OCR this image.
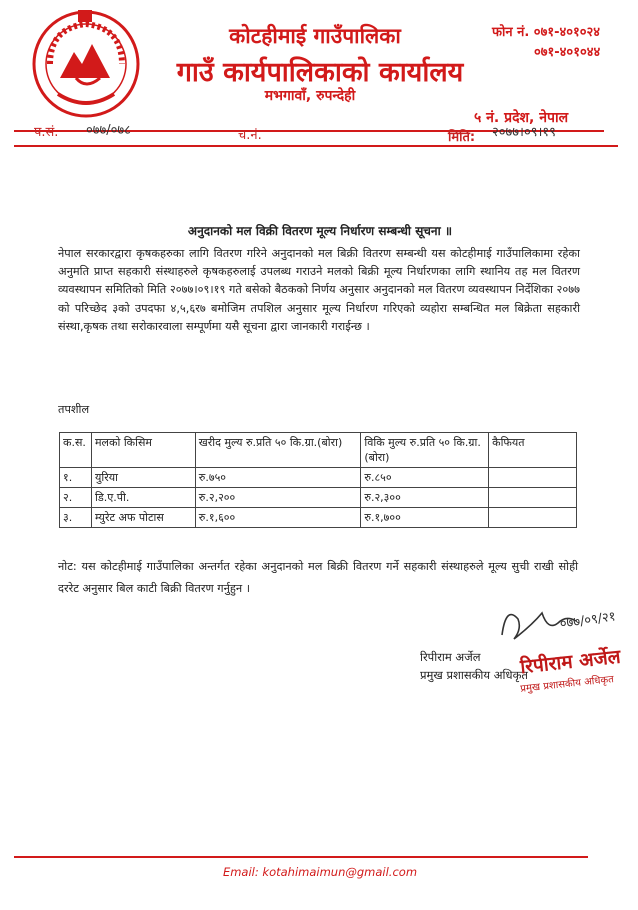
कोटहीमाई गाउँपालिका
गाउँ कार्यपालिकाको कार्यालय
मभगावाँ, रुपन्देही
फोन नं. ०७१-४०१०२४
०७१-४०१०४४
५ नं. प्रदेश, नेपाल
प.सं. ०७७/०७८	च.नं.	मिति: २०७७।०९।१९
अनुदानको मल विक्री वितरण मूल्य निर्धारण सम्बन्धी सूचना ॥
नेपाल सरकारद्वारा कृषकहरुका लागि वितरण गरिने अनुदानको मल बिक्री वितरण सम्बन्धी यस कोटहीमाई गाउँपालिकामा रहेका अनुमति प्राप्त सहकारी संस्थाहरुले कृषकहरुलाई उपलब्ध गराउने मलको बिक्री मूल्य निर्धारणका लागि स्थानिय तह मल वितरण व्यवस्थापन समितिको मिति २०७७।०९।१९ गते बसेको बैठकको निर्णय अनुसार अनुदानको मल वितरण व्यवस्थापन निर्देशिका २०७७ को परिच्छेद ३को उपदफा ४,५,६र७ बमोजिम तपशिल अनुसार मूल्य निर्धारण गरिएको व्यहोरा सम्बन्धित मल बिक्रेता सहकारी संस्था,कृषक तथा सरोकारवाला सम्पूर्णमा यसै सूचना द्वारा जानकारी गराईन्छ ।
तपशील
क.स.	मलको किसिम	खरीद मुल्य रु.प्रति ५० कि.ग्रा.(बोरा)	विकि मुल्य रु.प्रति ५० कि.ग्रा.(बोरा)	कैफियत
१.	युरिया	रु.७५०	रु.८५०	
२.	डि.ए.पी.	रु.२,२००	रु.२,३००	
३.	म्युरेट अफ पोटास	रु.१,६००	रु.१,७००	
नोट: यस कोटहीमाई गाउँपालिका अन्तर्गत रहेका अनुदानको मल बिक्री वितरण गर्ने सहकारी संस्थाहरुले मूल्य सुची राखी सोही दररेट अनुसार बिल काटी बिक्री वितरण गर्नुहुन ।
०७७/०९/२१
रिपीराम अर्जेल
प्रमुख प्रशासकीय अधिकृत
रिपीराम अर्जेल
प्रमुख प्रशासकीय अधिकृत
Email: kotahimaimun@gmail.com
